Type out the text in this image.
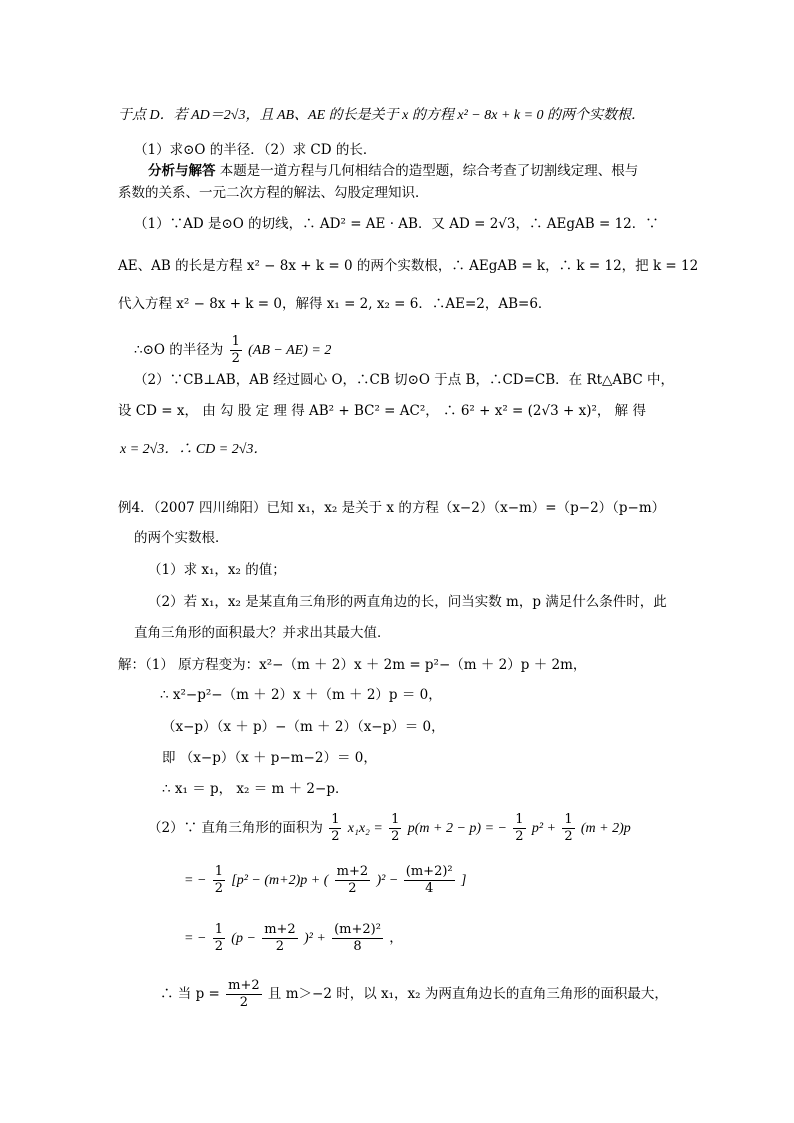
于点 D．若 AD＝2√3，且 AB、AE 的长是关于 x 的方程 x² − 8x + k = 0 的两个实数根．
（1）求⊙O 的半径．（2）求 CD 的长．
分析与解答 本题是一道方程与几何相结合的造型题，综合考查了切割线定理、根与
系数的关系、一元二次方程的解法、勾股定理知识．
（1）∵AD 是⊙O 的切线，∴ AD² = AE · AB．又 AD = 2√3，∴ AEgAB = 12．∵
AE、AB 的长是方程 x² − 8x + k = 0 的两个实数根，∴ AEgAB = k，∴ k = 12，把 k = 12
代入方程 x² − 8x + k = 0，解得 x₁ = 2, x₂ = 6．∴AE=2，AB=6．
∴⊙O 的半径为 $\frac{1}{2} (AB - AE) = 2$
（2）∵CB⊥AB，AB 经过圆心 O，∴CB 切⊙O 于点 B，∴CD=CB．在 Rt△ABC 中，
设 CD = x， 由 勾 股 定 理 得 AB² + BC² = AC²， ∴ 6² + x² = (2√3 + x)²， 解 得
x = 2√3．∴ CD = 2√3．
例4．（2007 四川绵阳）已知 x₁，x₂ 是关于 x 的方程（x−2）（x−m）=（p−2）（p−m）
的两个实数根．
（1）求 x₁，x₂ 的值；
（2）若 x₁，x₂ 是某直角三角形的两直角边的长，问当实数 m，p 满足什么条件时，此
直角三角形的面积最大？并求出其最大值．
解：（1） 原方程变为：x²−（m ＋ 2）x ＋ 2m = p²−（m ＋ 2）p ＋ 2m，
∴ x²−p²−（m ＋ 2）x ＋（m ＋ 2）p ＝ 0，
（x−p）（x ＋ p）−（m ＋ 2）（x−p）＝ 0，
即 （x−p）（x ＋ p−m−2）＝ 0，
∴ x₁ ＝ p， x₂ ＝ m ＋ 2−p．
（2）∵ 直角三角形的面积为 $\frac{1}{2} x_1x_2 = \frac{1}{2} p(m + 2 - p)$ = − $\frac{1}{2} p^2 + \frac{1}{2} (m + 2)p$
= − $\frac{1}{2} [p^2 - (m+2)p$ + ( $\frac{m+2}{2} )^2 - \frac{\text{(m+2)²}}{4}$ ]
= − $\frac{1}{2} (p - \frac{m+2}{2} )^2 + \frac{\text{(m+2)²}}{8}$ ，
∴ 当 $p = \frac{m+2}{2}$ 且 m＞−2 时，以 x₁，x₂ 为两直角边长的直角三角形的面积最大，
